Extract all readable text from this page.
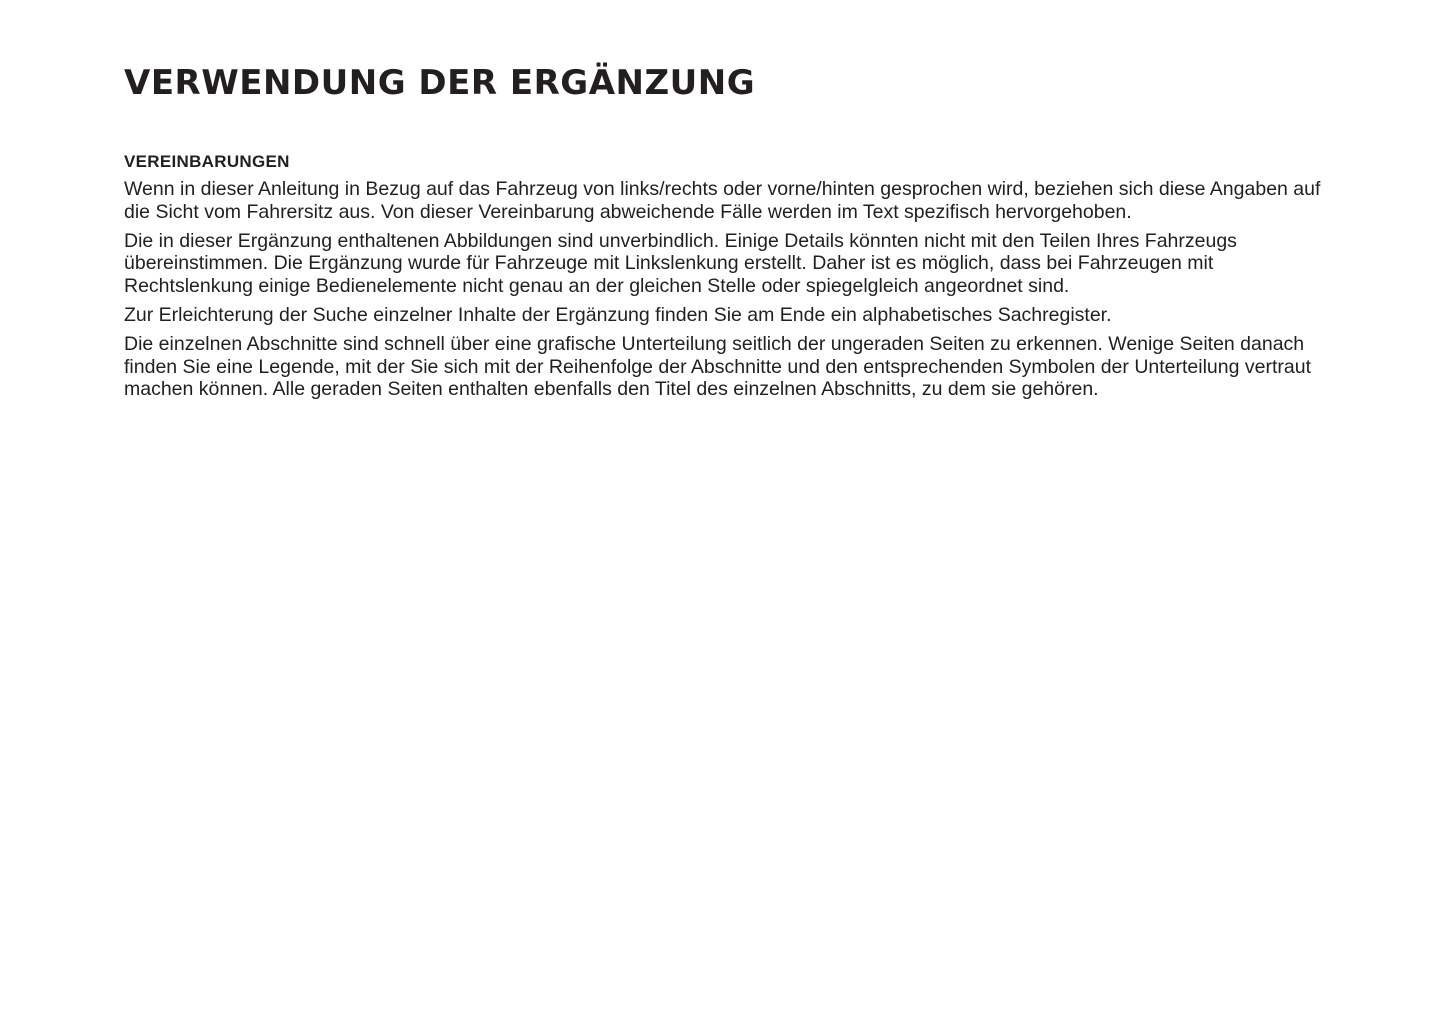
VERWENDUNG DER ERGÄNZUNG
VEREINBARUNGEN

Wenn in dieser Anleitung in Bezug auf das Fahrzeug von links/rechts oder vorne/hinten gesprochen wird, beziehen sich diese Angaben auf die Sicht vom Fahrersitz aus. Von dieser Vereinbarung abweichende Fälle werden im Text spezifisch hervorgehoben.

Die in dieser Ergänzung enthaltenen Abbildungen sind unverbindlich. Einige Details könnten nicht mit den Teilen Ihres Fahrzeugs übereinstimmen. Die Ergänzung wurde für Fahrzeuge mit Linkslenkung erstellt. Daher ist es möglich, dass bei Fahrzeugen mit Rechtslenkung einige Bedienelemente nicht genau an der gleichen Stelle oder spiegelgleich angeordnet sind.

Zur Erleichterung der Suche einzelner Inhalte der Ergänzung finden Sie am Ende ein alphabetisches Sachregister.

Die einzelnen Abschnitte sind schnell über eine grafische Unterteilung seitlich der ungeraden Seiten zu erkennen. Wenige Seiten danach finden Sie eine Legende, mit der Sie sich mit der Reihenfolge der Abschnitte und den entsprechenden Symbolen der Unterteilung vertraut machen können. Alle geraden Seiten enthalten ebenfalls den Titel des einzelnen Abschnitts, zu dem sie gehören.
